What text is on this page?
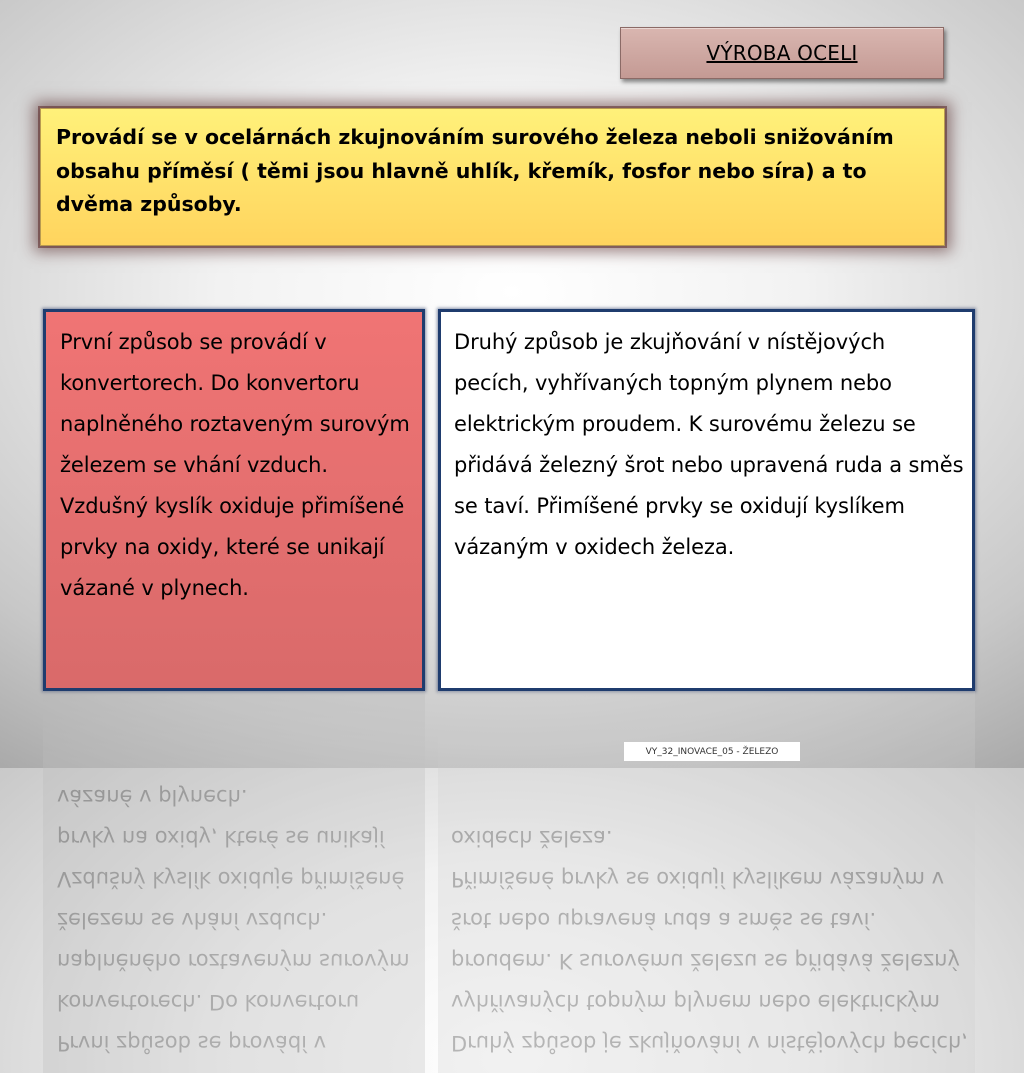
VÝROBA OCELI

Provádí se v ocelárnách zkujnováním surového železa neboli snižováním obsahu příměsí ( těmi jsou hlavně uhlík, křemík, fosfor nebo síra) a to dvěma způsoby.

První způsob se provádí v konvertorech. Do konvertoru naplněného roztaveným surovým železem se vhání vzduch. Vzdušný kyslík oxiduje přimíšené prvky na oxidy, které se unikají vázané v plynech.

Druhý způsob je zkujňování v nístějových pecích, vyhřívaných topným plynem nebo elektrickým proudem. K surovému železu se přidává železný šrot nebo upravená ruda a směs se taví. Přimíšené prvky se oxidují kyslíkem vázaným v oxidech železa.

První způsob se provádí v konvertorech. Do konvertoru naplněného roztaveným surovým železem se vhání vzduch. Vzdušný kyslík oxiduje přimíšené prvky na oxidy, které se unikají vázané v plynech.

Druhý způsob je zkujňování v nístějových pecích, vyhřívaných topným plynem nebo elektrickým proudem. K surovému železu se přidává železný šrot nebo upravená ruda a směs se taví. Přimíšené prvky se oxidují kyslíkem vázaným v oxidech železa.

VY_32_INOVACE_05 - ŽELEZO
